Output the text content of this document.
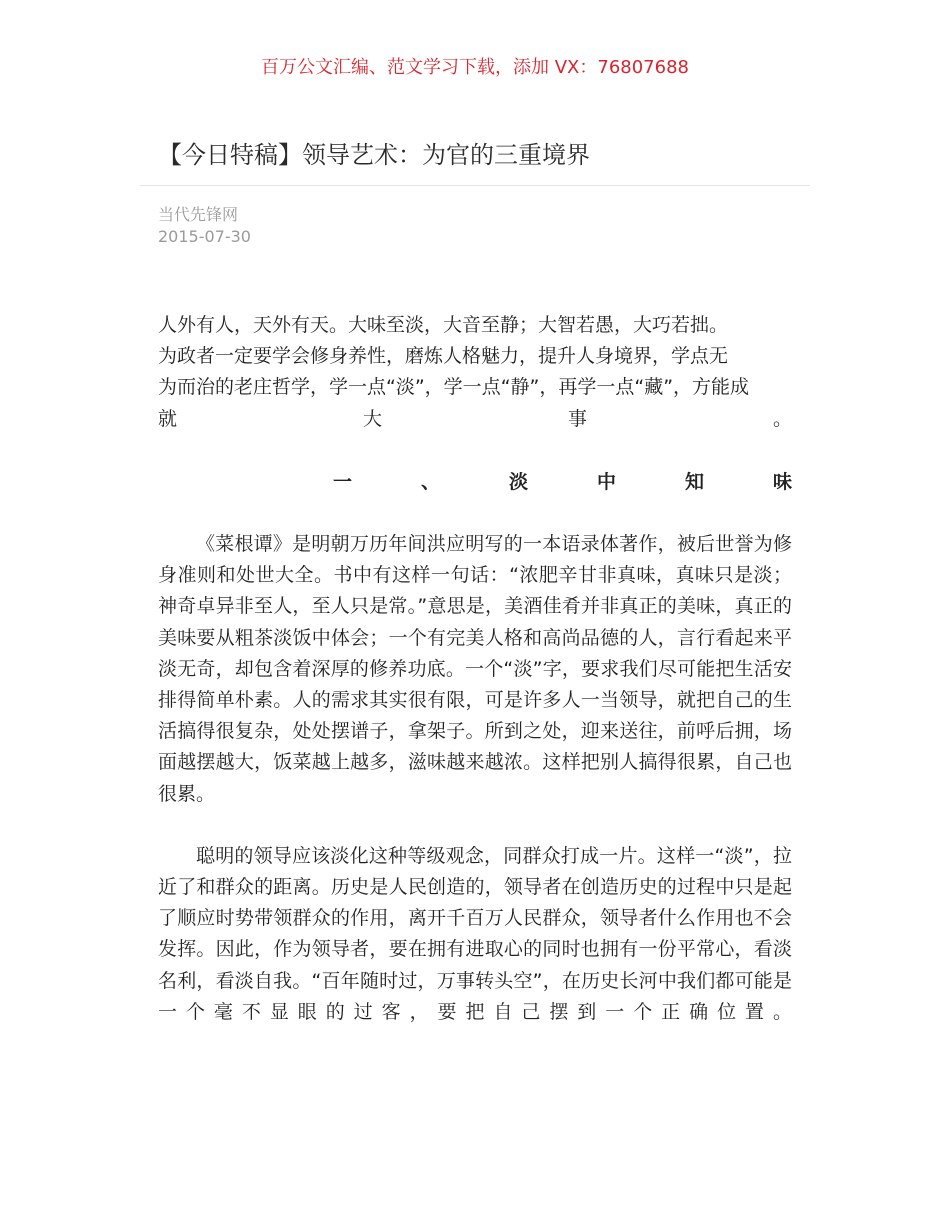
百万公文汇编、范文学习下载，添加 VX：76807688
【今日特稿】领导艺术：为官的三重境界
当代先锋网
2015-07-30

人外有人，天外有天。大味至淡，大音至静；大智若愚，大巧若拙。
为政者一定要学会修身养性，磨炼人格魅力，提升人身境界，学点无
为而治的老庄哲学，学一点“淡”，学一点“静”，再学一点“藏”，方能成

就大事。

一、淡中知味

《菜根谭》是明朝万历年间洪应明写的一本语录体著作，被后世誉为修身准则和处世大全。书中有这样一句话：“浓肥辛甘非真味，真味只是淡；神奇卓异非至人，至人只是常。”意思是，美酒佳肴并非真正的美味，真正的美味要从粗茶淡饭中体会；一个有完美人格和高尚品德的人，言行看起来平淡无奇，却包含着深厚的修养功底。一个“淡”字，要求我们尽可能把生活安排得简单朴素。人的需求其实很有限，可是许多人一当领导，就把自己的生活搞得很复杂，处处摆谱子，拿架子。所到之处，迎来送往，前呼后拥，场面越摆越大，饭菜越上越多，滋味越来越浓。这样把别人搞得很累，自己也很累。

聪明的领导应该淡化这种等级观念，同群众打成一片。这样一“淡”，拉近了和群众的距离。历史是人民创造的，领导者在创造历史的过程中只是起了顺应时势带领群众的作用，离开千百万人民群众，领导者什么作用也不会发挥。因此，作为领导者，要在拥有进取心的同时也拥有一份平常心，看淡名利，看淡自我。“百年随时过，万事转头空”，在历史长河中我们都可能是一个毫不显眼的过客，要把自己摆到一个正确位置。
